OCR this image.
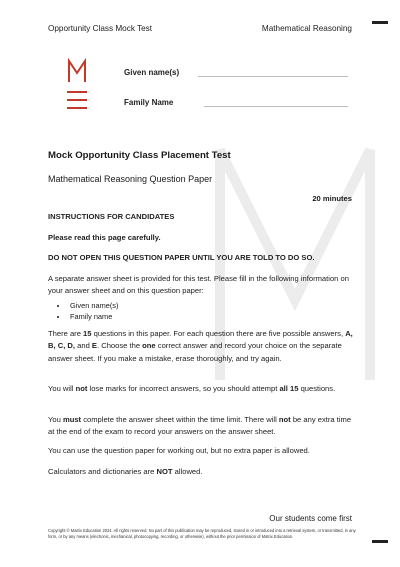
Opportunity Class Mock Test	Mathematical Reasoning
Given name(s)
Family Name
Mock Opportunity Class Placement Test
Mathematical Reasoning Question Paper
20 minutes
INSTRUCTIONS FOR CANDIDATES
Please read this page carefully.
DO NOT OPEN THIS QUESTION PAPER UNTIL YOU ARE TOLD TO DO SO.
A separate answer sheet is provided for this test. Please fill in the following information on your answer sheet and on this question paper:
• Given name(s)
• Family name
There are 15 questions in this paper. For each question there are five possible answers, A, B, C, D, and E. Choose the one correct answer and record your choice on the separate answer sheet. If you make a mistake, erase thoroughly, and try again.
You will not lose marks for incorrect answers, so you should attempt all 15 questions.
You must complete the answer sheet within the time limit. There will not be any extra time at the end of the exam to record your answers on the answer sheet.
You can use the question paper for working out, but no extra paper is allowed.
Calculators and dictionaries are NOT allowed.
Our students come first
Copyright © Matrix Education 2024. All rights reserved. No part of this publication may be reproduced, stored in or introduced into a retrieval system, or transmitted, in any form, or by any means (electronic, mechanical, photocopying, recording, or otherwise), without the prior permission of Matrix Education.
